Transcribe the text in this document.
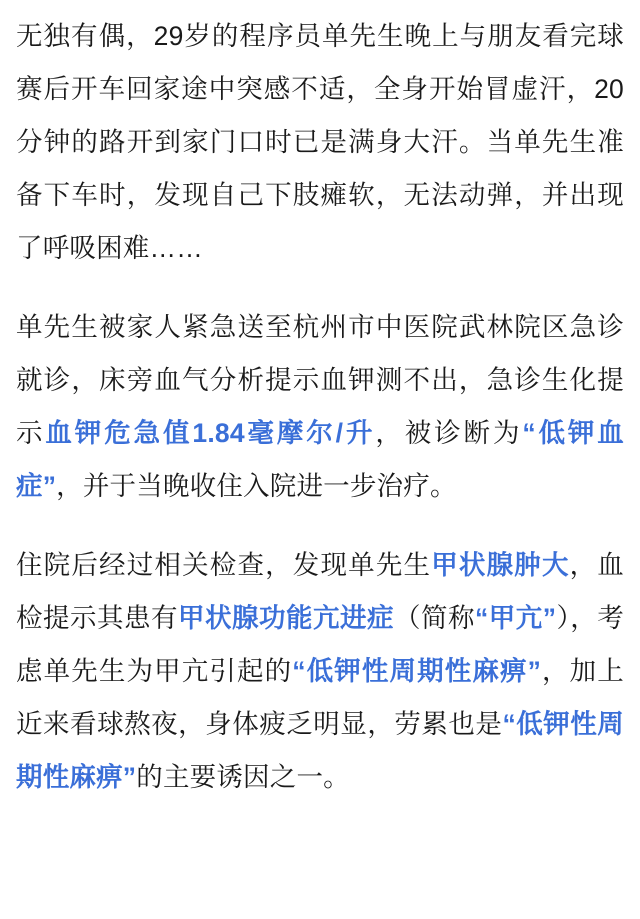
无独有偶，29岁的程序员单先生晚上与朋友看完球赛后开车回家途中突感不适，全身开始冒虚汗，20分钟的路开到家门口时已是满身大汗。当单先生准备下车时，发现自己下肢瘫软，无法动弹，并出现了呼吸困难……

单先生被家人紧急送至杭州市中医院武林院区急诊就诊，床旁血气分析提示血钾测不出，急诊生化提示血钾危急值1.84毫摩尔/升，被诊断为“低钾血症”，并于当晚收住入院进一步治疗。

住院后经过相关检查，发现单先生甲状腺肿大，血检提示其患有甲状腺功能亢进症（简称“甲亢”），考虑单先生为甲亢引起的“低钾性周期性麻痹”，加上近来看球熬夜，身体疲乏明显，劳累也是“低钾性周期性麻痹”的主要诱因之一。
